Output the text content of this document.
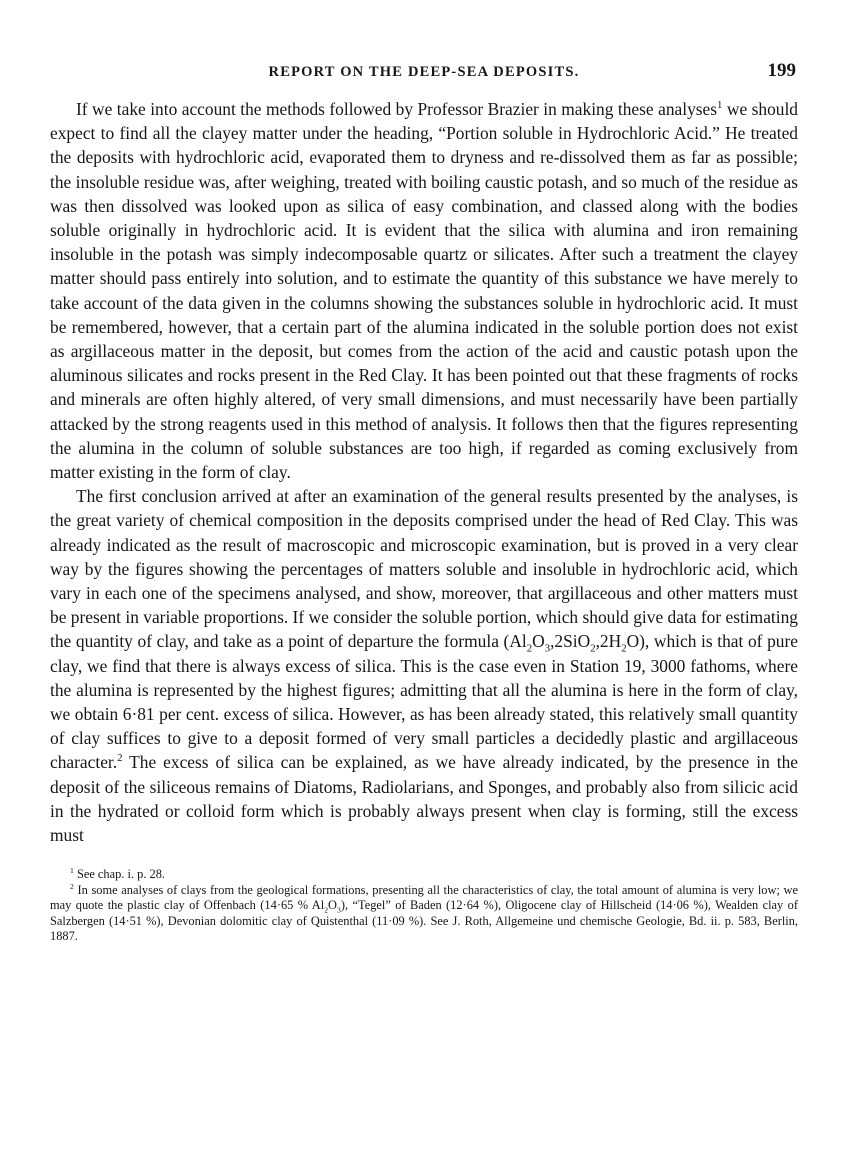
REPORT ON THE DEEP-SEA DEPOSITS.	199

If we take into account the methods followed by Professor Brazier in making these analyses$^1$ we should expect to find all the clayey matter under the heading, “Portion soluble in Hydrochloric Acid.” He treated the deposits with hydrochloric acid, evaporated them to dryness and re-dissolved them as far as possible; the insoluble residue was, after weighing, treated with boiling caustic potash, and so much of the residue as was then dissolved was looked upon as silica of easy combination, and classed along with the bodies soluble originally in hydrochloric acid. It is evident that the silica with alumina and iron remaining insoluble in the potash was simply indecomposable quartz or silicates. After such a treatment the clayey matter should pass entirely into solution, and to estimate the quantity of this substance we have merely to take account of the data given in the columns showing the substances soluble in hydrochloric acid. It must be remembered, however, that a certain part of the alumina indicated in the soluble portion does not exist as argillaceous matter in the deposit, but comes from the action of the acid and caustic potash upon the aluminous silicates and rocks present in the Red Clay. It has been pointed out that these fragments of rocks and minerals are often highly altered, of very small dimensions, and must necessarily have been partially attacked by the strong reagents used in this method of analysis. It follows then that the figures representing the alumina in the column of soluble substances are too high, if regarded as coming exclusively from matter existing in the form of clay.

The first conclusion arrived at after an examination of the general results presented by the analyses, is the great variety of chemical composition in the deposits comprised under the head of Red Clay. This was already indicated as the result of macroscopic and microscopic examination, but is proved in a very clear way by the figures showing the percentages of matters soluble and insoluble in hydrochloric acid, which vary in each one of the specimens analysed, and show, moreover, that argillaceous and other matters must be present in variable proportions. If we consider the soluble portion, which should give data for estimating the quantity of clay, and take as a point of departure the formula $(Al_2O_3,2SiO_2,2H_2O)$, which is that of pure clay, we find that there is always excess of silica. This is the case even in Station 19, 3000 fathoms, where the alumina is represented by the highest figures; admitting that all the alumina is here in the form of clay, we obtain 6·81 per cent. excess of silica. However, as has been already stated, this relatively small quantity of clay suffices to give to a deposit formed of very small particles a decidedly plastic and argillaceous character.$^2$ The excess of silica can be explained, as we have already indicated, by the presence in the deposit of the siliceous remains of Diatoms, Radiolarians, and Sponges, and probably also from silicic acid in the hydrated or colloid form which is probably always present when clay is forming, still the excess must

$^1$ See chap. i. p. 28.

$^2$ In some analyses of clays from the geological formations, presenting all the characteristics of clay, the total amount of alumina is very low; we may quote the plastic clay of Offenbach (14·65 % $Al_2O_3$), “Tegel” of Baden (12·64 %), Oligocene clay of Hillscheid (14·06 %), Wealden clay of Salzbergen (14·51 %), Devonian dolomitic clay of Quistenthal (11·09 %). See J. Roth, Allgemeine und chemische Geologie, Bd. ii. p. 583, Berlin, 1887.
